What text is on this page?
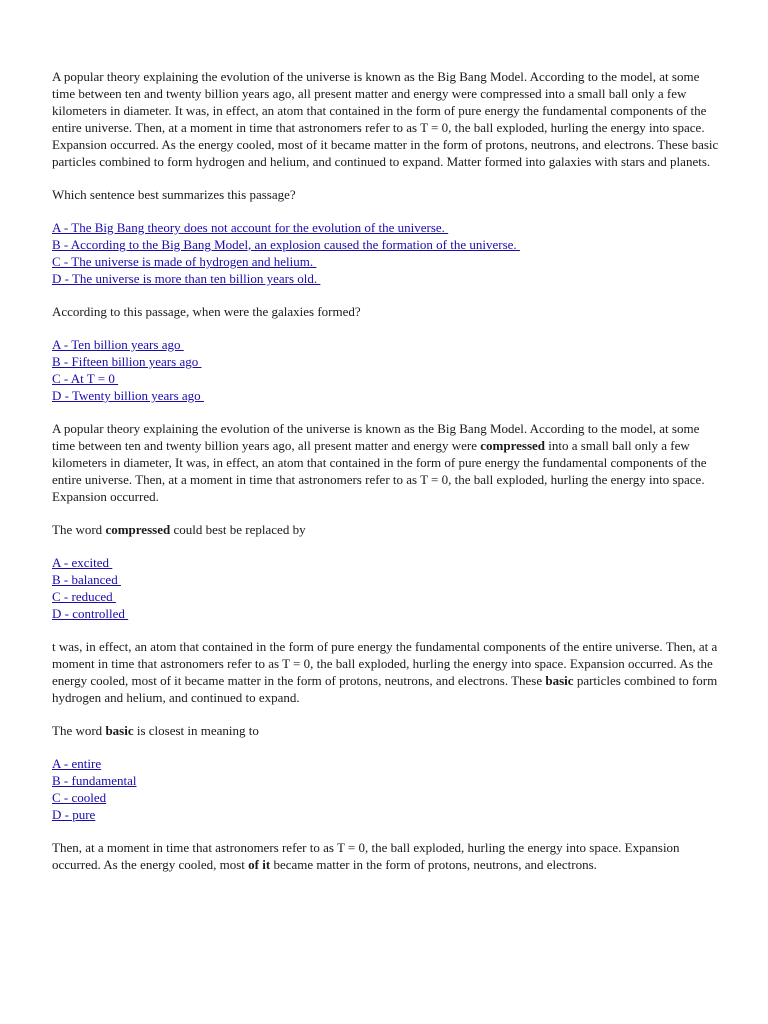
A popular theory explaining the evolution of the universe is known as the Big Bang Model. According to the model, at some time between ten and twenty billion years ago, all present matter and energy were compressed into a small ball only a few kilometers in diameter. It was, in effect, an atom that contained in the form of pure energy the fundamental components of the entire universe. Then, at a moment in time that astronomers refer to as T = 0, the ball exploded, hurling the energy into space. Expansion occurred. As the energy cooled, most of it became matter in the form of protons, neutrons, and electrons. These basic particles combined to form hydrogen and helium, and continued to expand. Matter formed into galaxies with stars and planets.

Which sentence best summarizes this passage?

A - The Big Bang theory does not account for the evolution of the universe.
B - According to the Big Bang Model, an explosion caused the formation of the universe.
C - The universe is made of hydrogen and helium.
D - The universe is more than ten billion years old.

According to this passage, when were the galaxies formed?

A - Ten billion years ago
B - Fifteen billion years ago
C - At T = 0
D - Twenty billion years ago

A popular theory explaining the evolution of the universe is known as the Big Bang Model. According to the model, at some time between ten and twenty billion years ago, all present matter and energy were compressed into a small ball only a few kilometers in diameter, It was, in effect, an atom that contained in the form of pure energy the fundamental components of the entire universe. Then, at a moment in time that astronomers refer to as T = 0, the ball exploded, hurling the energy into space. Expansion occurred.

The word compressed could best be replaced by

A - excited
B - balanced
C - reduced
D - controlled

t was, in effect, an atom that contained in the form of pure energy the fundamental components of the entire universe. Then, at a moment in time that astronomers refer to as T = 0, the ball exploded, hurling the energy into space. Expansion occurred. As the energy cooled, most of it became matter in the form of protons, neutrons, and electrons. These basic particles combined to form hydrogen and helium, and continued to expand.

The word basic is closest in meaning to

A - entire
B - fundamental
C - cooled
D - pure

Then, at a moment in time that astronomers refer to as T = 0, the ball exploded, hurling the energy into space. Expansion occurred. As the energy cooled, most of it became matter in the form of protons, neutrons, and electrons.
